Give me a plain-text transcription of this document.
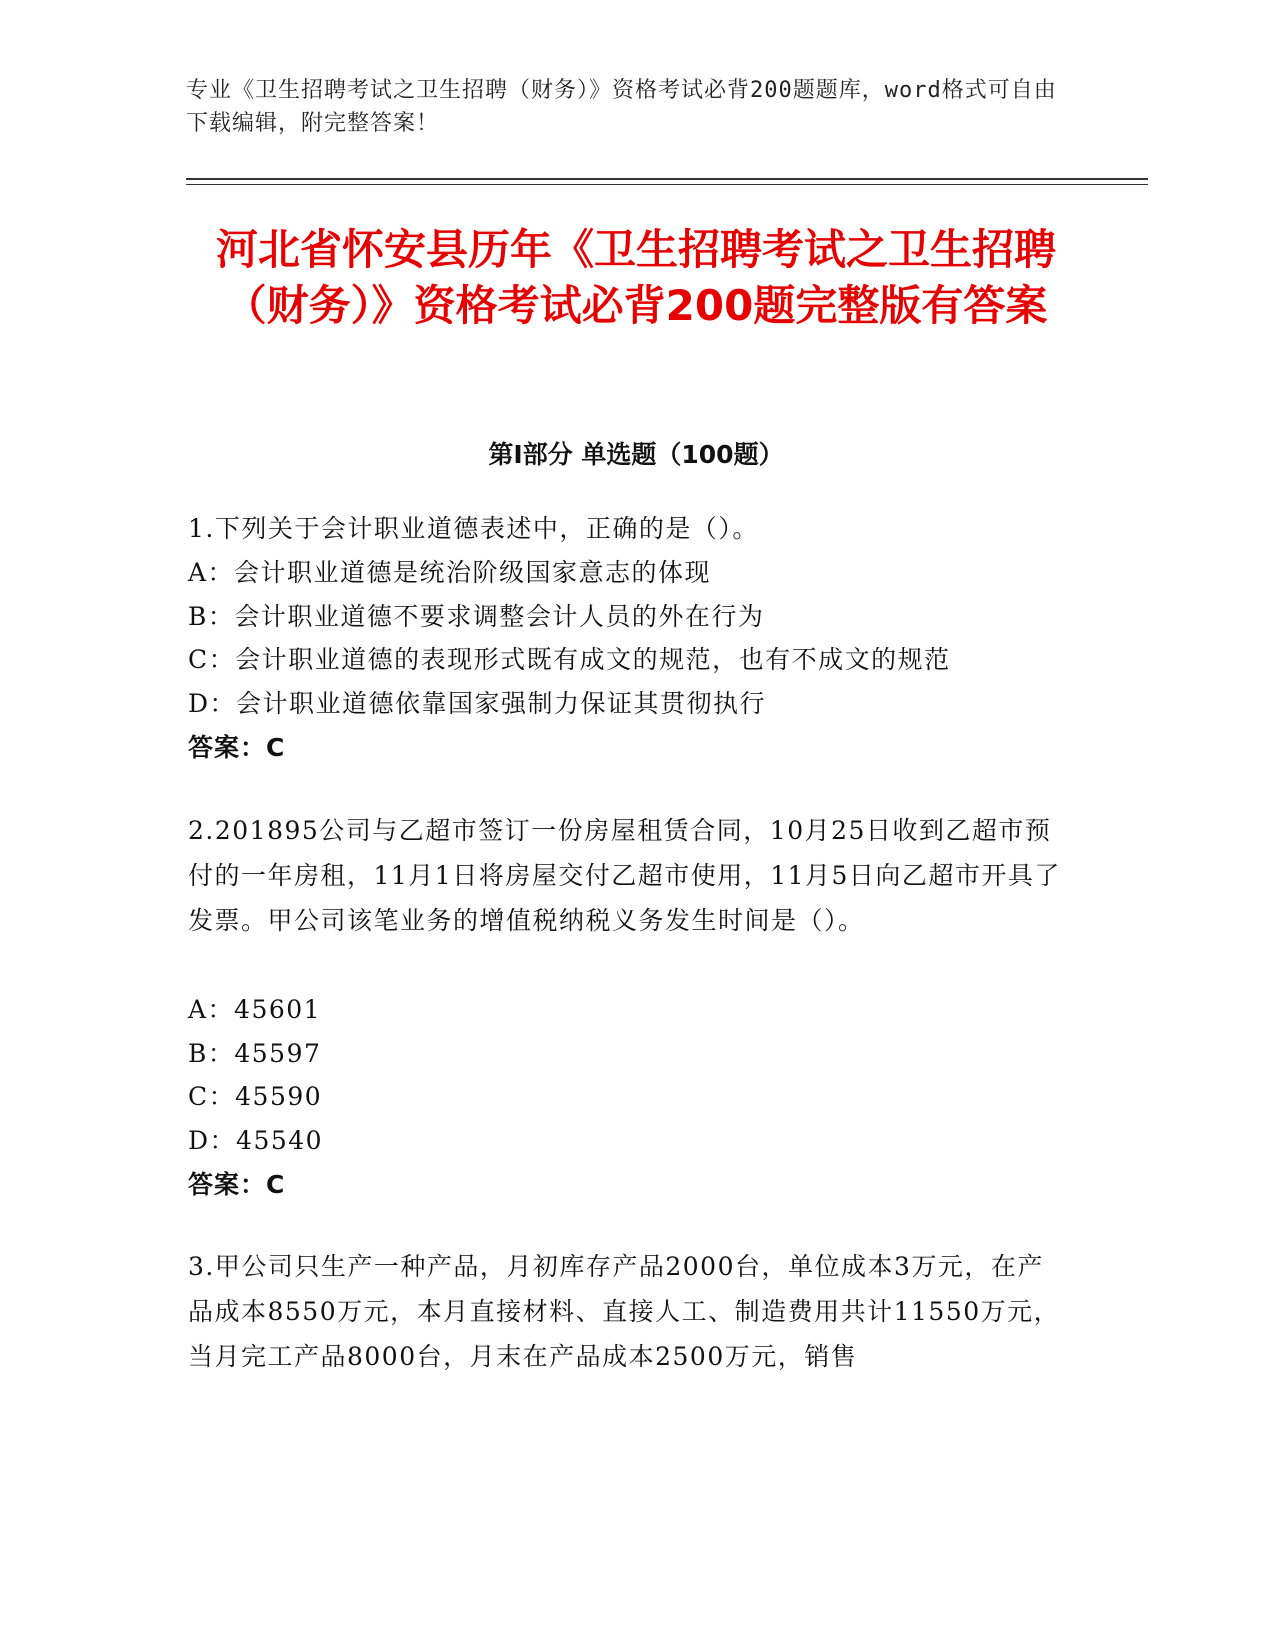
专业《卫生招聘考试之卫生招聘（财务）》资格考试必背200题题库，word格式可自由下载编辑，附完整答案！
河北省怀安县历年《卫生招聘考试之卫生招聘（财务）》资格考试必背200题完整版有答案
第Ⅰ部分 单选题（100题）
1.下列关于会计职业道德表述中，正确的是（）。
A：会计职业道德是统治阶级国家意志的体现
B：会计职业道德不要求调整会计人员的外在行为
C：会计职业道德的表现形式既有成文的规范，也有不成文的规范
D：会计职业道德依靠国家强制力保证其贯彻执行
答案：C
2.201895公司与乙超市签订一份房屋租赁合同，10月25日收到乙超市预付的一年房租，11月1日将房屋交付乙超市使用，11月5日向乙超市开具了发票。甲公司该笔业务的增值税纳税义务发生时间是（）。
A：45601
B：45597
C：45590
D：45540
答案：C
3.甲公司只生产一种产品，月初库存产品2000台，单位成本3万元，在产品成本8550万元，本月直接材料、直接人工、制造费用共计11550万元，当月完工产品8000台，月末在产品成本2500万元，销售
